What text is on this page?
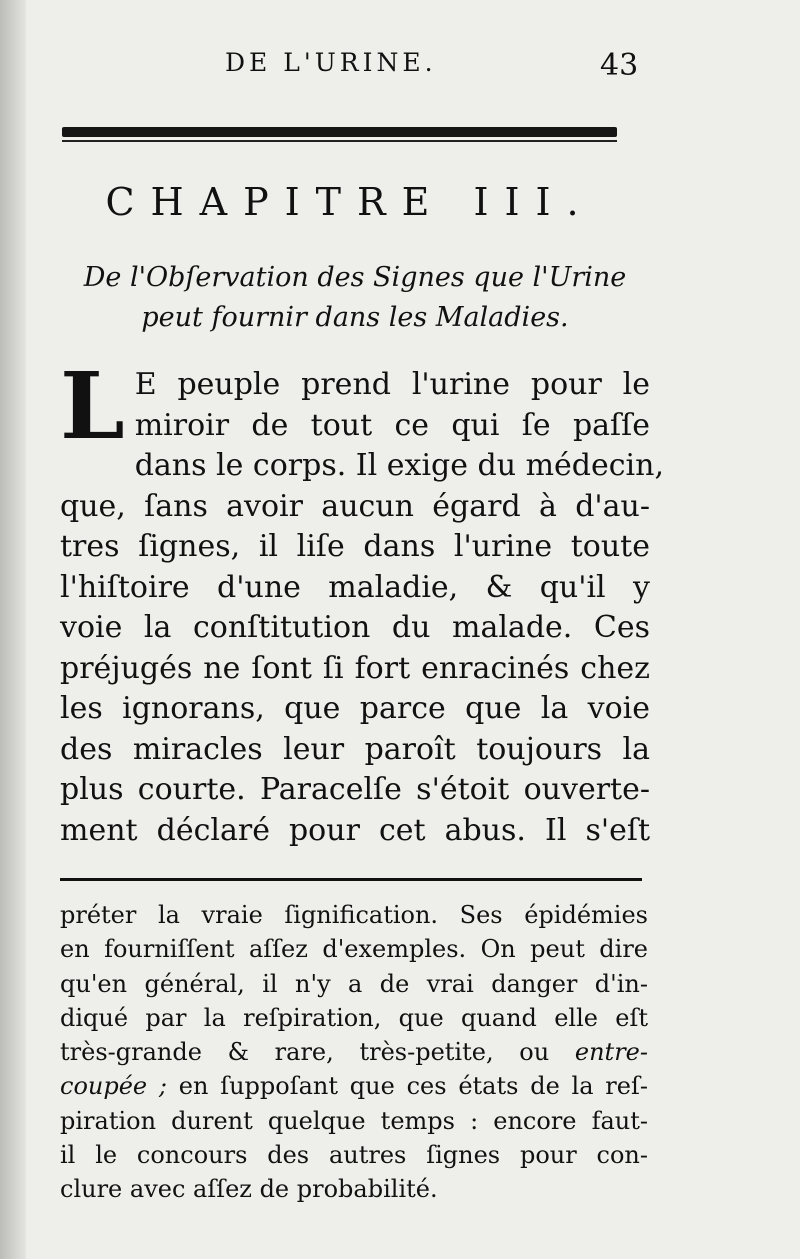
DE L'URINE.	43
CHAPITRE III.
De l'Obſervation des Signes que l'Urine
peut fournir dans les Maladies.
L E peuple prend l'urine pour le
miroir de tout ce qui ſe paſſe
dans le corps. Il exige du médecin,
que, ſans avoir aucun égard à d'au-
tres ſignes, il liſe dans l'urine toute
l'hiſtoire d'une maladie, & qu'il y
voie la conſtitution du malade. Ces
préjugés ne ſont ſi fort enracinés chez
les ignorans, que parce que la voie
des miracles leur paroît toujours la
plus courte. Paracelſe s'étoit ouverte-
ment déclaré pour cet abus. Il s'eſt
préter la vraie ſignification. Ses épidémies
en fourniſſent aſſez d'exemples. On peut dire
qu'en général, il n'y a de vrai danger d'in-
diqué par la reſpiration, que quand elle eſt
très-grande & rare, très-petite, ou entre-
coupée ; en ſuppoſant que ces états de la reſ-
piration durent quelque temps : encore faut-
il le concours des autres ſignes pour con-
clure avec aſſez de probabilité.
